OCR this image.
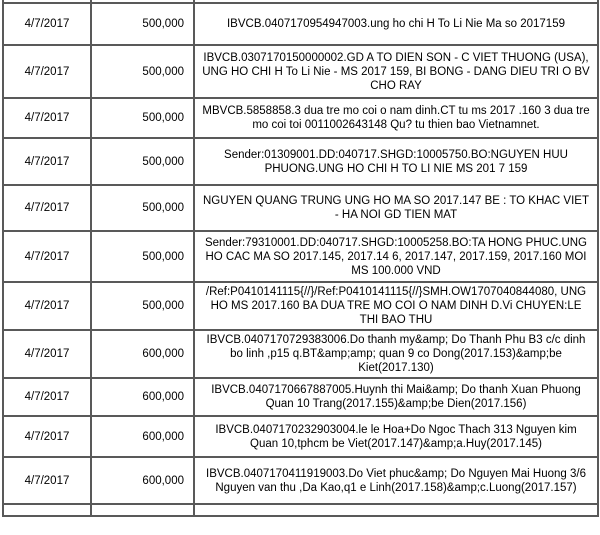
4/7/2017	500,000	IBVCB.0407170954947003.ung ho chi H To Li Nie Ma so 2017159
4/7/2017	500,000	IBVCB.0307170150000002.GD A TO DIEN SON - C VIET THUONG (USA), UNG HO CHI H To Li Nie - MS 2017 159, BI BONG - DANG DIEU TRI O BV CHO RAY
4/7/2017	500,000	MBVCB.5858858.3 dua tre mo coi o nam dinh.CT tu ms 2017 .160 3 dua tre mo coi toi 0011002643148 Qu? tu thien bao Vietnamnet.
4/7/2017	500,000	Sender:01309001.DD:040717.SHGD:10005750.BO:NGUYEN HUU PHUONG.UNG HO CHI H TO LI NIE MS 201 7 159
4/7/2017	500,000	NGUYEN QUANG TRUNG UNG HO MA SO 2017.147 BE : TO KHAC VIET - HA NOI GD TIEN MAT
4/7/2017	500,000	Sender:79310001.DD:040717.SHGD:10005258.BO:TA HONG PHUC.UNG HO CAC MA SO 2017.145, 2017.14 6, 2017.147, 2017.159, 2017.160 MOI MS 100.000 VND
4/7/2017	500,000	/Ref:P0410141115{//}/Ref:P0410141115{//}SMH.OW1707040844080, UNG HO MS 2017.160 BA DUA TRE MO COI O NAM DINH D.Vi CHUYEN:LE THI BAO THU
4/7/2017	600,000	IBVCB.0407170729383006.Do thanh my&amp; Do Thanh Phu B3 c/c dinh bo linh ,p15 q.BT&amp;amp; quan 9 co Dong(2017.153)&amp;be Kiet(2017.130)
4/7/2017	600,000	IBVCB.0407170667887005.Huynh thi Mai&amp; Do thanh Xuan Phuong Quan 10 Trang(2017.155)&amp;be Dien(2017.156)
4/7/2017	600,000	IBVCB.0407170232903004.le le Hoa+Do Ngoc Thach 313 Nguyen kim Quan 10,tphcm be Viet(2017.147)&amp;a.Huy(2017.145)
4/7/2017	600,000	IBVCB.0407170411919003.Do Viet phuc&amp; Do Nguyen Mai Huong 3/6 Nguyen van thu ,Da Kao,q1 e Linh(2017.158)&amp;c.Luong(2017.157)
